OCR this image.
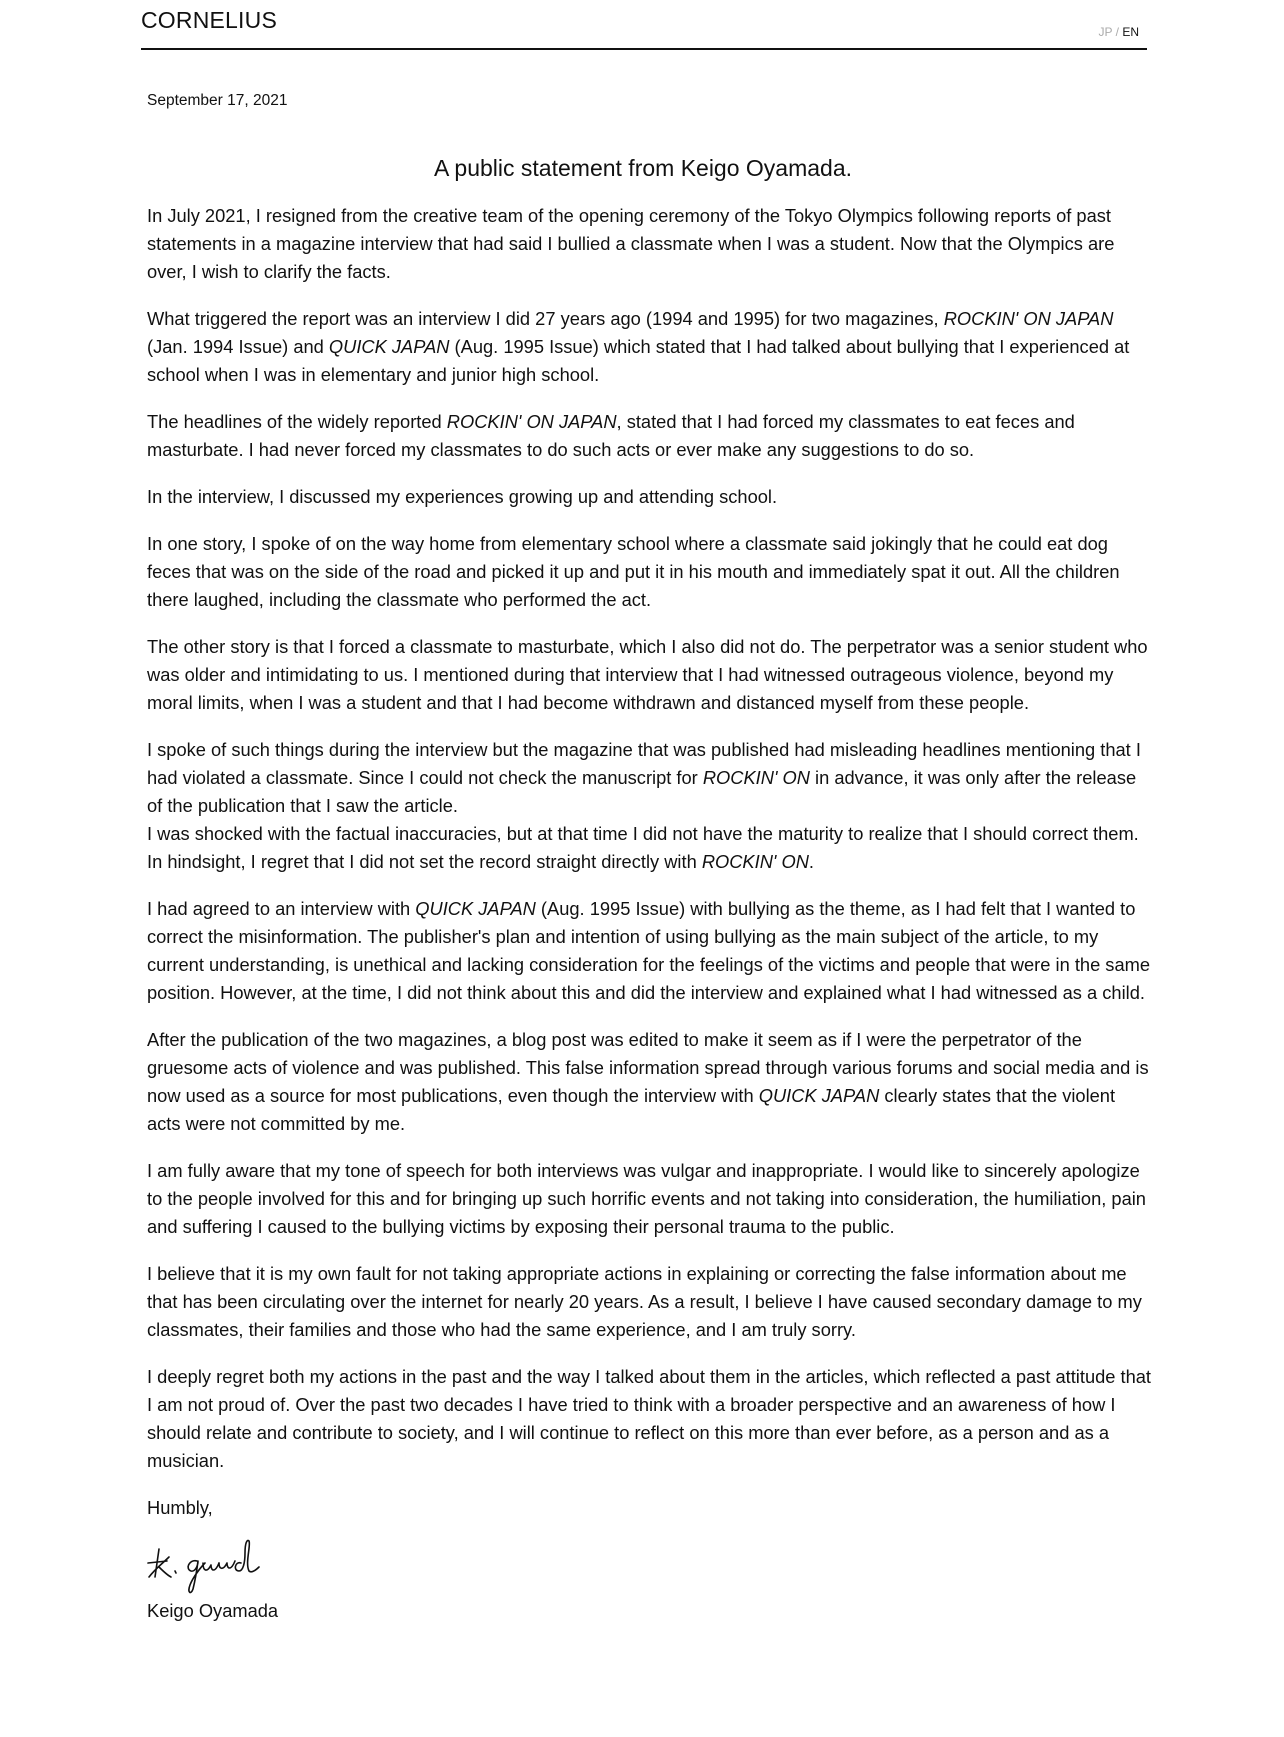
CORNELIUS	JP / EN

September 17, 2021

A public statement from Keigo Oyamada.

In July 2021, I resigned from the creative team of the opening ceremony of the Tokyo Olympics following reports of past statements in a magazine interview that had said I bullied a classmate when I was a student. Now that the Olympics are over, I wish to clarify the facts.

What triggered the report was an interview I did 27 years ago (1994 and 1995) for two magazines, ROCKIN' ON JAPAN (Jan. 1994 Issue) and QUICK JAPAN (Aug. 1995 Issue) which stated that I had talked about bullying that I experienced at school when I was in elementary and junior high school.

The headlines of the widely reported ROCKIN' ON JAPAN, stated that I had forced my classmates to eat feces and masturbate. I had never forced my classmates to do such acts or ever make any suggestions to do so.

In the interview, I discussed my experiences growing up and attending school.

In one story, I spoke of on the way home from elementary school where a classmate said jokingly that he could eat dog feces that was on the side of the road and picked it up and put it in his mouth and immediately spat it out. All the children there laughed, including the classmate who performed the act.

The other story is that I forced a classmate to masturbate, which I also did not do. The perpetrator was a senior student who was older and intimidating to us. I mentioned during that interview that I had witnessed outrageous violence, beyond my moral limits, when I was a student and that I had become withdrawn and distanced myself from these people.

I spoke of such things during the interview but the magazine that was published had misleading headlines mentioning that I had violated a classmate. Since I could not check the manuscript for ROCKIN' ON in advance, it was only after the release of the publication that I saw the article.
I was shocked with the factual inaccuracies, but at that time I did not have the maturity to realize that I should correct them. In hindsight, I regret that I did not set the record straight directly with ROCKIN' ON.

I had agreed to an interview with QUICK JAPAN (Aug. 1995 Issue) with bullying as the theme, as I had felt that I wanted to correct the misinformation. The publisher's plan and intention of using bullying as the main subject of the article, to my current understanding, is unethical and lacking consideration for the feelings of the victims and people that were in the same position. However, at the time, I did not think about this and did the interview and explained what I had witnessed as a child.

After the publication of the two magazines, a blog post was edited to make it seem as if I were the perpetrator of the gruesome acts of violence and was published. This false information spread through various forums and social media and is now used as a source for most publications, even though the interview with QUICK JAPAN clearly states that the violent acts were not committed by me.

I am fully aware that my tone of speech for both interviews was vulgar and inappropriate. I would like to sincerely apologize to the people involved for this and for bringing up such horrific events and not taking into consideration, the humiliation, pain and suffering I caused to the bullying victims by exposing their personal trauma to the public.

I believe that it is my own fault for not taking appropriate actions in explaining or correcting the false information about me that has been circulating over the internet for nearly 20 years. As a result, I believe I have caused secondary damage to my classmates, their families and those who had the same experience, and I am truly sorry.

I deeply regret both my actions in the past and the way I talked about them in the articles, which reflected a past attitude that I am not proud of. Over the past two decades I have tried to think with a broader perspective and an awareness of how I should relate and contribute to society, and I will continue to reflect on this more than ever before, as a person and as a musician.

Humbly,

Keigo Oyamada
